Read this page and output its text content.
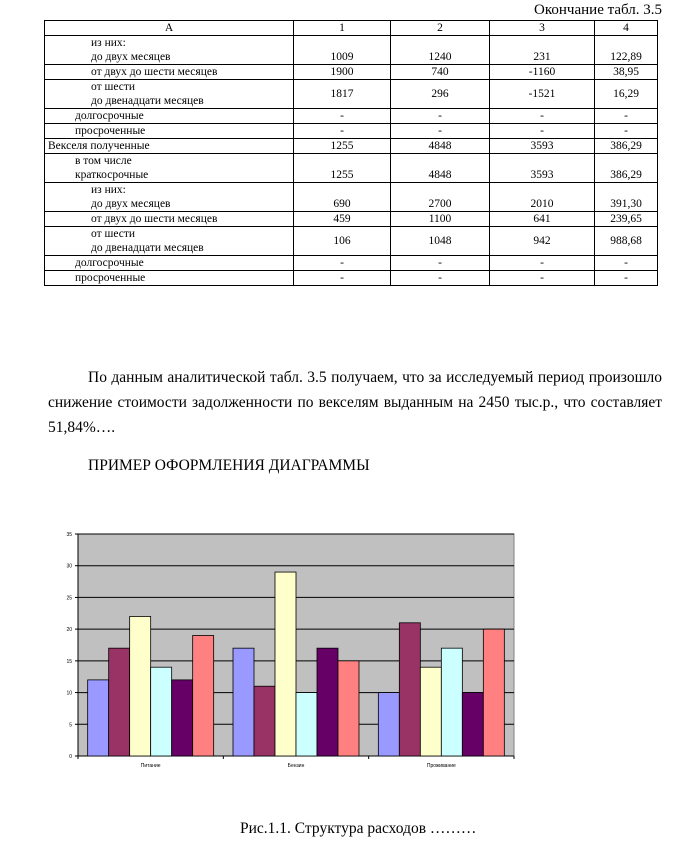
Окончание табл. 3.5
А	1	2	3	4

из них:
до двух месяцев	1009	1240	231	122,89

от двух до шести месяцев	1900	740	-1160	38,95

от шести
до двенадцати месяцев	1817	296	-1521	16,29

долгосрочные	-	-	-	-

просроченные	-	-	-	-

Векселя полученные	1255	4848	3593	386,29

в том числе
краткосрочные	1255	4848	3593	386,29

из них:
до двух месяцев	690	2700	2010	391,30

от двух до шести месяцев	459	1100	641	239,65

от шести
до двенадцати месяцев	106	1048	942	988,68

долгосрочные	-	-	-	-

просроченные	-	-	-	-
По данным аналитической табл. 3.5 получаем, что за исследуемый период произошло снижение стоимости задолженности по векселям выданным на 2450 тыс.р., что составляет 51,84%….
ПРИМЕР ОФОРМЛЕНИЯ ДИАГРАММЫ
0
5
10
15
20
25
30
35
Питание	Бензин	Проживание
Рис.1.1. Структура расходов ………
